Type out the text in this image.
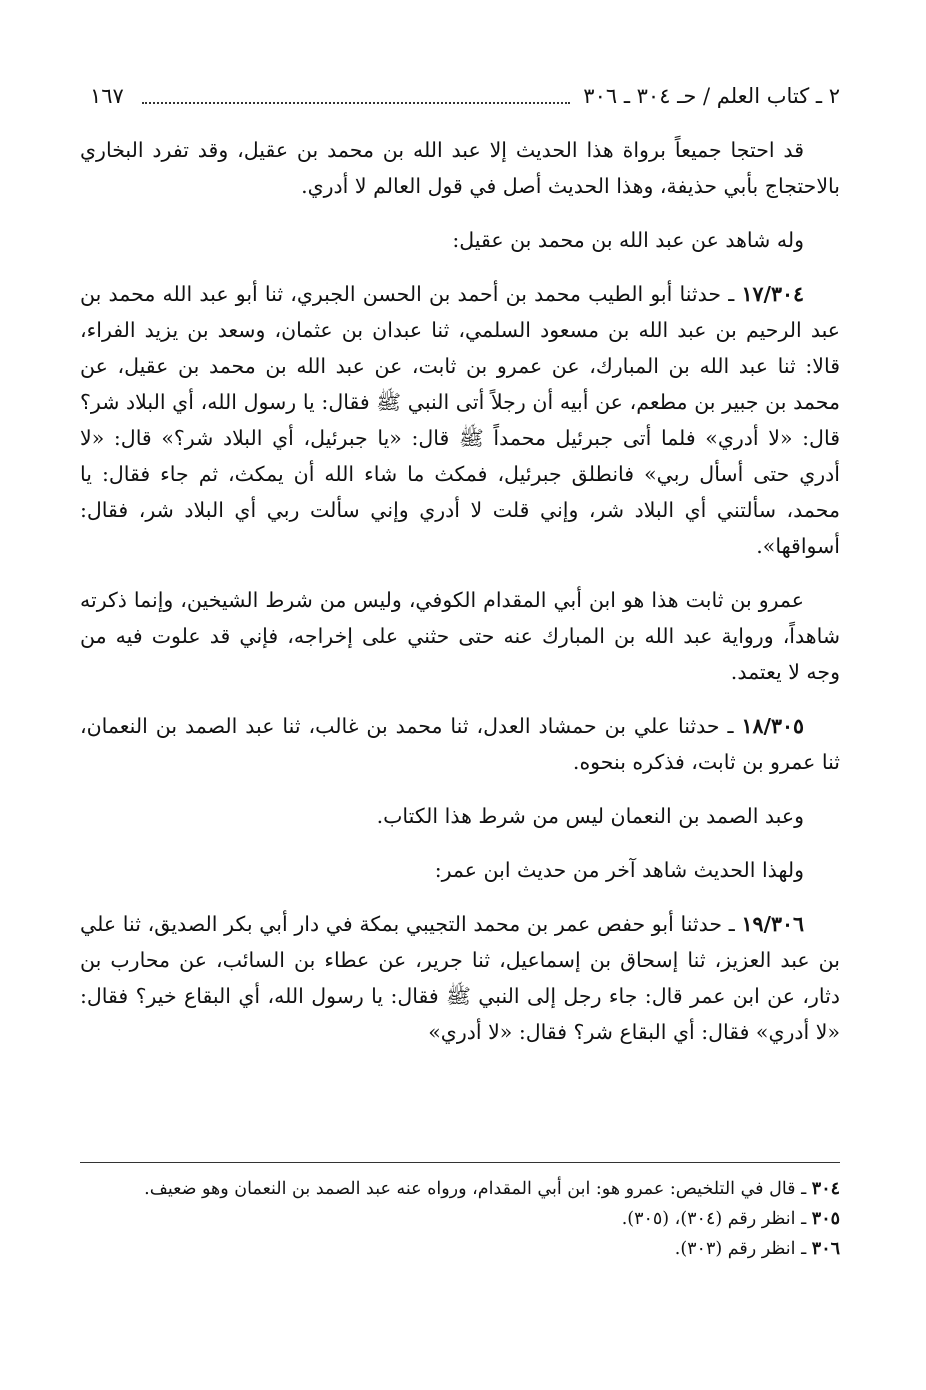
٢ ـ كتاب العلم / حـ ٣٠٤ ـ ٣٠٦
١٦٧

قد احتجا جميعاً برواة هذا الحديث إلا عبد الله بن محمد بن عقيل، وقد تفرد البخاري بالاحتجاج بأبي حذيفة، وهذا الحديث أصل في قول العالم لا أدري.

وله شاهد عن عبد الله بن محمد بن عقيل:

١٧/٣٠٤ ـ حدثنا أبو الطيب محمد بن أحمد بن الحسن الجبري، ثنا أبو عبد الله محمد بن عبد الرحيم بن عبد الله بن مسعود السلمي، ثنا عبدان بن عثمان، وسعد بن يزيد الفراء، قالا: ثنا عبد الله بن المبارك، عن عمرو بن ثابت، عن عبد الله بن محمد بن عقيل، عن محمد بن جبير بن مطعم، عن أبيه أن رجلاً أتى النبي ﷺ فقال: يا رسول الله، أي البلاد شر؟ قال: «لا أدري» فلما أتى جبرئيل محمداً ﷺ قال: «يا جبرئيل، أي البلاد شر؟» قال: «لا أدري حتى أسأل ربي» فانطلق جبرئيل، فمكث ما شاء الله أن يمكث، ثم جاء فقال: يا محمد، سألتني أي البلاد شر، وإني قلت لا أدري وإني سألت ربي أي البلاد شر، فقال: أسواقها».

عمرو بن ثابت هذا هو ابن أبي المقدام الكوفي، وليس من شرط الشيخين، وإنما ذكرته شاهداً، ورواية عبد الله بن المبارك عنه حتى حثني على إخراجه، فإني قد علوت فيه من وجه لا يعتمد.

١٨/٣٠٥ ـ حدثنا علي بن حمشاد العدل، ثنا محمد بن غالب، ثنا عبد الصمد بن النعمان، ثنا عمرو بن ثابت، فذكره بنحوه.

وعبد الصمد بن النعمان ليس من شرط هذا الكتاب.

ولهذا الحديث شاهد آخر من حديث ابن عمر:

١٩/٣٠٦ ـ حدثنا أبو حفص عمر بن محمد التجيبي بمكة في دار أبي بكر الصديق، ثنا علي بن عبد العزيز، ثنا إسحاق بن إسماعيل، ثنا جرير، عن عطاء بن السائب، عن محارب بن دثار، عن ابن عمر قال: جاء رجل إلى النبي ﷺ فقال: يا رسول الله، أي البقاع خير؟ فقال: «لا أدري» فقال: أي البقاع شر؟ فقال: «لا أدري»

٣٠٤ ـ قال في التلخيص: عمرو هو: ابن أبي المقدام، ورواه عنه عبد الصمد بن النعمان وهو ضعيف.

٣٠٥ ـ انظر رقم (٣٠٤)، (٣٠٥).

٣٠٦ ـ انظر رقم (٣٠٣).
